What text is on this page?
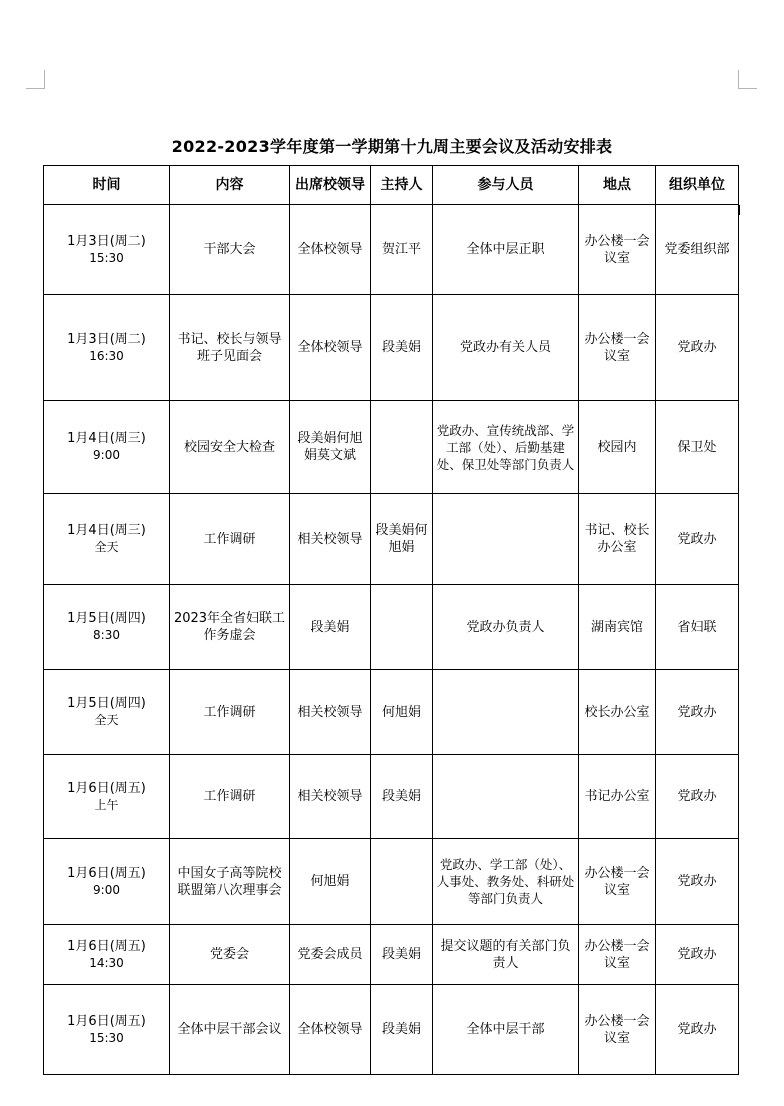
2022-2023学年度第一学期第十九周主要会议及活动安排表
时间	内容	出席校领导	主持人	参与人员	地点	组织单位
1月3日(周二)
15:30	干部大会	全体校领导	贺江平	全体中层正职	办公楼一会议室	党委组织部
1月3日(周二)
16:30	书记、校长与领导班子见面会	全体校领导	段美娟	党政办有关人员	办公楼一会议室	党政办
1月4日(周三)
9:00	校园安全大检查	段美娟何旭娟莫文斌		党政办、宣传统战部、学工部（处）、后勤基建处、保卫处等部门负责人	校园内	保卫处
1月4日(周三)
全天	工作调研	相关校领导	段美娟何旭娟		书记、校长办公室	党政办
1月5日(周四)
8:30	2023年全省妇联工作务虚会	段美娟		党政办负责人	湖南宾馆	省妇联
1月5日(周四)
全天	工作调研	相关校领导	何旭娟		校长办公室	党政办
1月6日(周五)
上午	工作调研	相关校领导	段美娟		书记办公室	党政办
1月6日(周五)
9:00	中国女子高等院校联盟第八次理事会	何旭娟		党政办、学工部（处）、人事处、教务处、科研处等部门负责人	办公楼一会议室	党政办
1月6日(周五)
14:30	党委会	党委会成员	段美娟	提交议题的有关部门负责人	办公楼一会议室	党政办
1月6日(周五)
15:30	全体中层干部会议	全体校领导	段美娟	全体中层干部	办公楼一会议室	党政办
